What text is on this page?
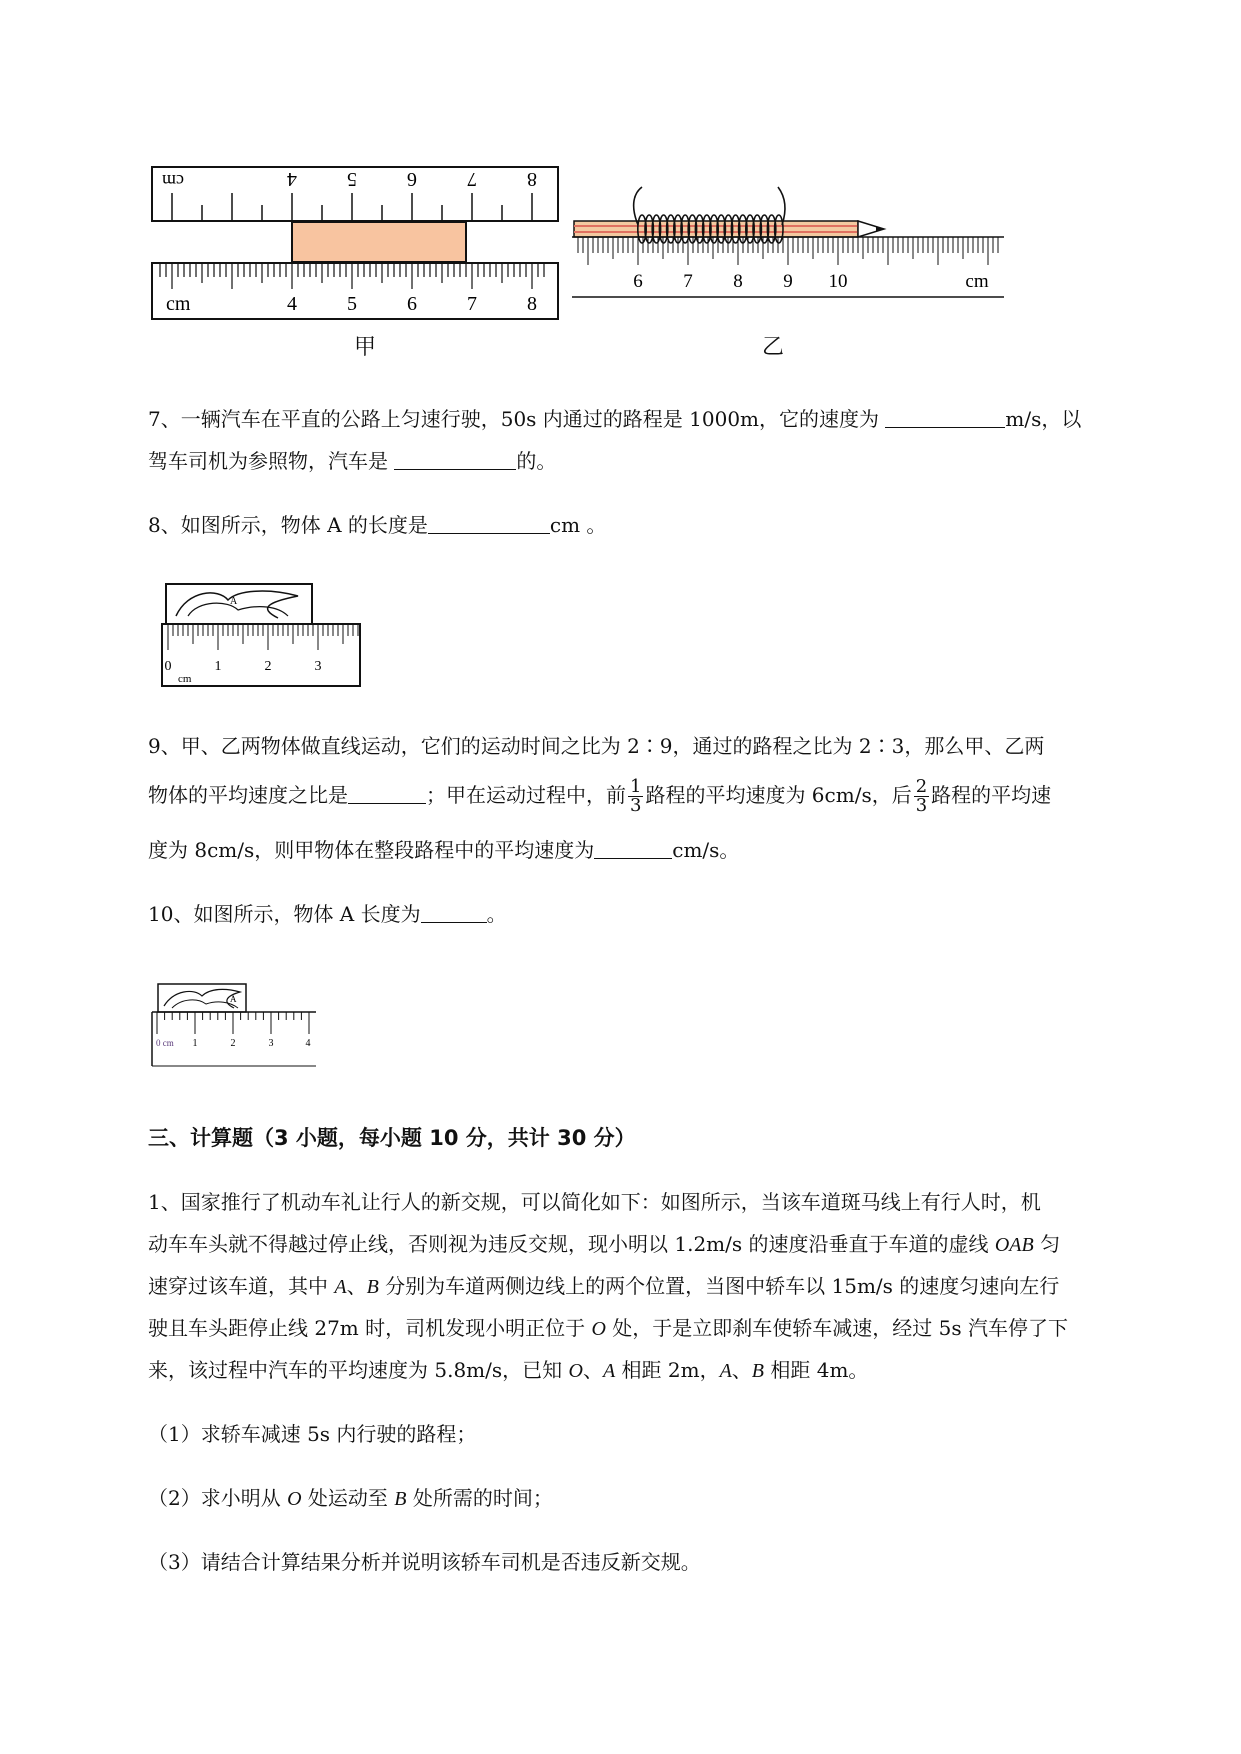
cm	4	5	6	7	8
cm	4	5	6	7	8
甲
6 7 8 9 10	cm
乙
7、一辆汽车在平直的公路上匀速行驶，50s 内通过的路程是 1000m，它的速度为	m/s，以
驾车司机为参照物，汽车是	的。
8、如图所示，物体 A 的长度是	cm 。
A
0	1	2	3
cm
9、甲、乙两物体做直线运动，它们的运动时间之比为 2∶9，通过的路程之比为 2∶3，那么甲、乙两
物体的平均速度之比是	；甲在运动过程中，前 $\frac{1}{3}$ 路程的平均速度为 6cm/s，后 $\frac{2}{3}$ 路程的平均速
度为 8cm/s，则甲物体在整段路程中的平均速度为	cm/s。
10、如图所示，物体 A 长度为	。
A
0 cm 1	2	3	4
三、计算题（3 小题，每小题 10 分，共计 30 分）
1、国家推行了机动车礼让行人的新交规，可以简化如下：如图所示，当该车道斑马线上有行人时，机
动车车头就不得越过停止线，否则视为违反交规，现小明以 1.2m/s 的速度沿垂直于车道的虚线 OAB 匀
速穿过该车道，其中 A、B 分别为车道两侧边线上的两个位置，当图中轿车以 15m/s 的速度匀速向左行
驶且车头距停止线 27m 时，司机发现小明正位于 O 处，于是立即刹车使轿车减速，经过 5s 汽车停了下
来，该过程中汽车的平均速度为 5.8m/s，已知 O、A 相距 2m，A、B 相距 4m。
（1）求轿车减速 5s 内行驶的路程；
（2）求小明从 O 处运动至 B 处所需的时间；
（3）请结合计算结果分析并说明该轿车司机是否违反新交规。
